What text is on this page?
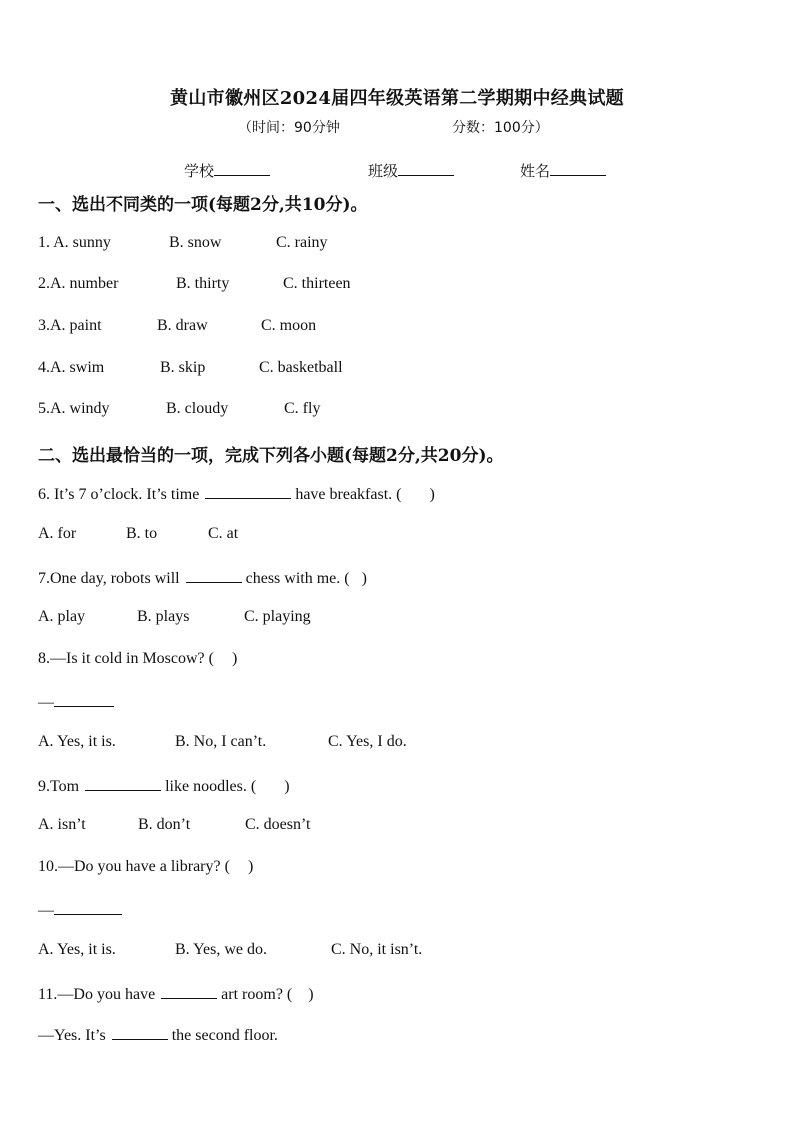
黄山市徽州区2024届四年级英语第二学期期中经典试题
（时间：90分钟	分数：100分）
学校	班级	姓名
一、选出不同类的一项(每题2分,共10分)。
1. A. sunny	B. snow	C. rainy
2.A. number	B. thirty	C. thirteen
3.A. paint	B. draw	C. moon
4.A. swim	B. skip	C. basketball
5.A. windy	B. cloudy	C. fly
二、选出最恰当的一项，完成下列各小题(每题2分,共20分)。
6. It’s 7 o’clock. It’s time	have breakfast. ( )
A. for	B. to	C. at
7.One day, robots will	chess with me. ( )
A. play	B. plays	C. playing
8.—Is it cold in Moscow? ( )
—
A. Yes, it is.	B. No, I can’t.	C. Yes, I do.
9.Tom	like noodles. ( )
A. isn’t	B. don’t	C. doesn’t
10.—Do you have a library? ( )
—
A. Yes, it is.	B. Yes, we do.	C. No, it isn’t.
11.—Do you have	art room? ( )
—Yes. It’s	the second floor.
